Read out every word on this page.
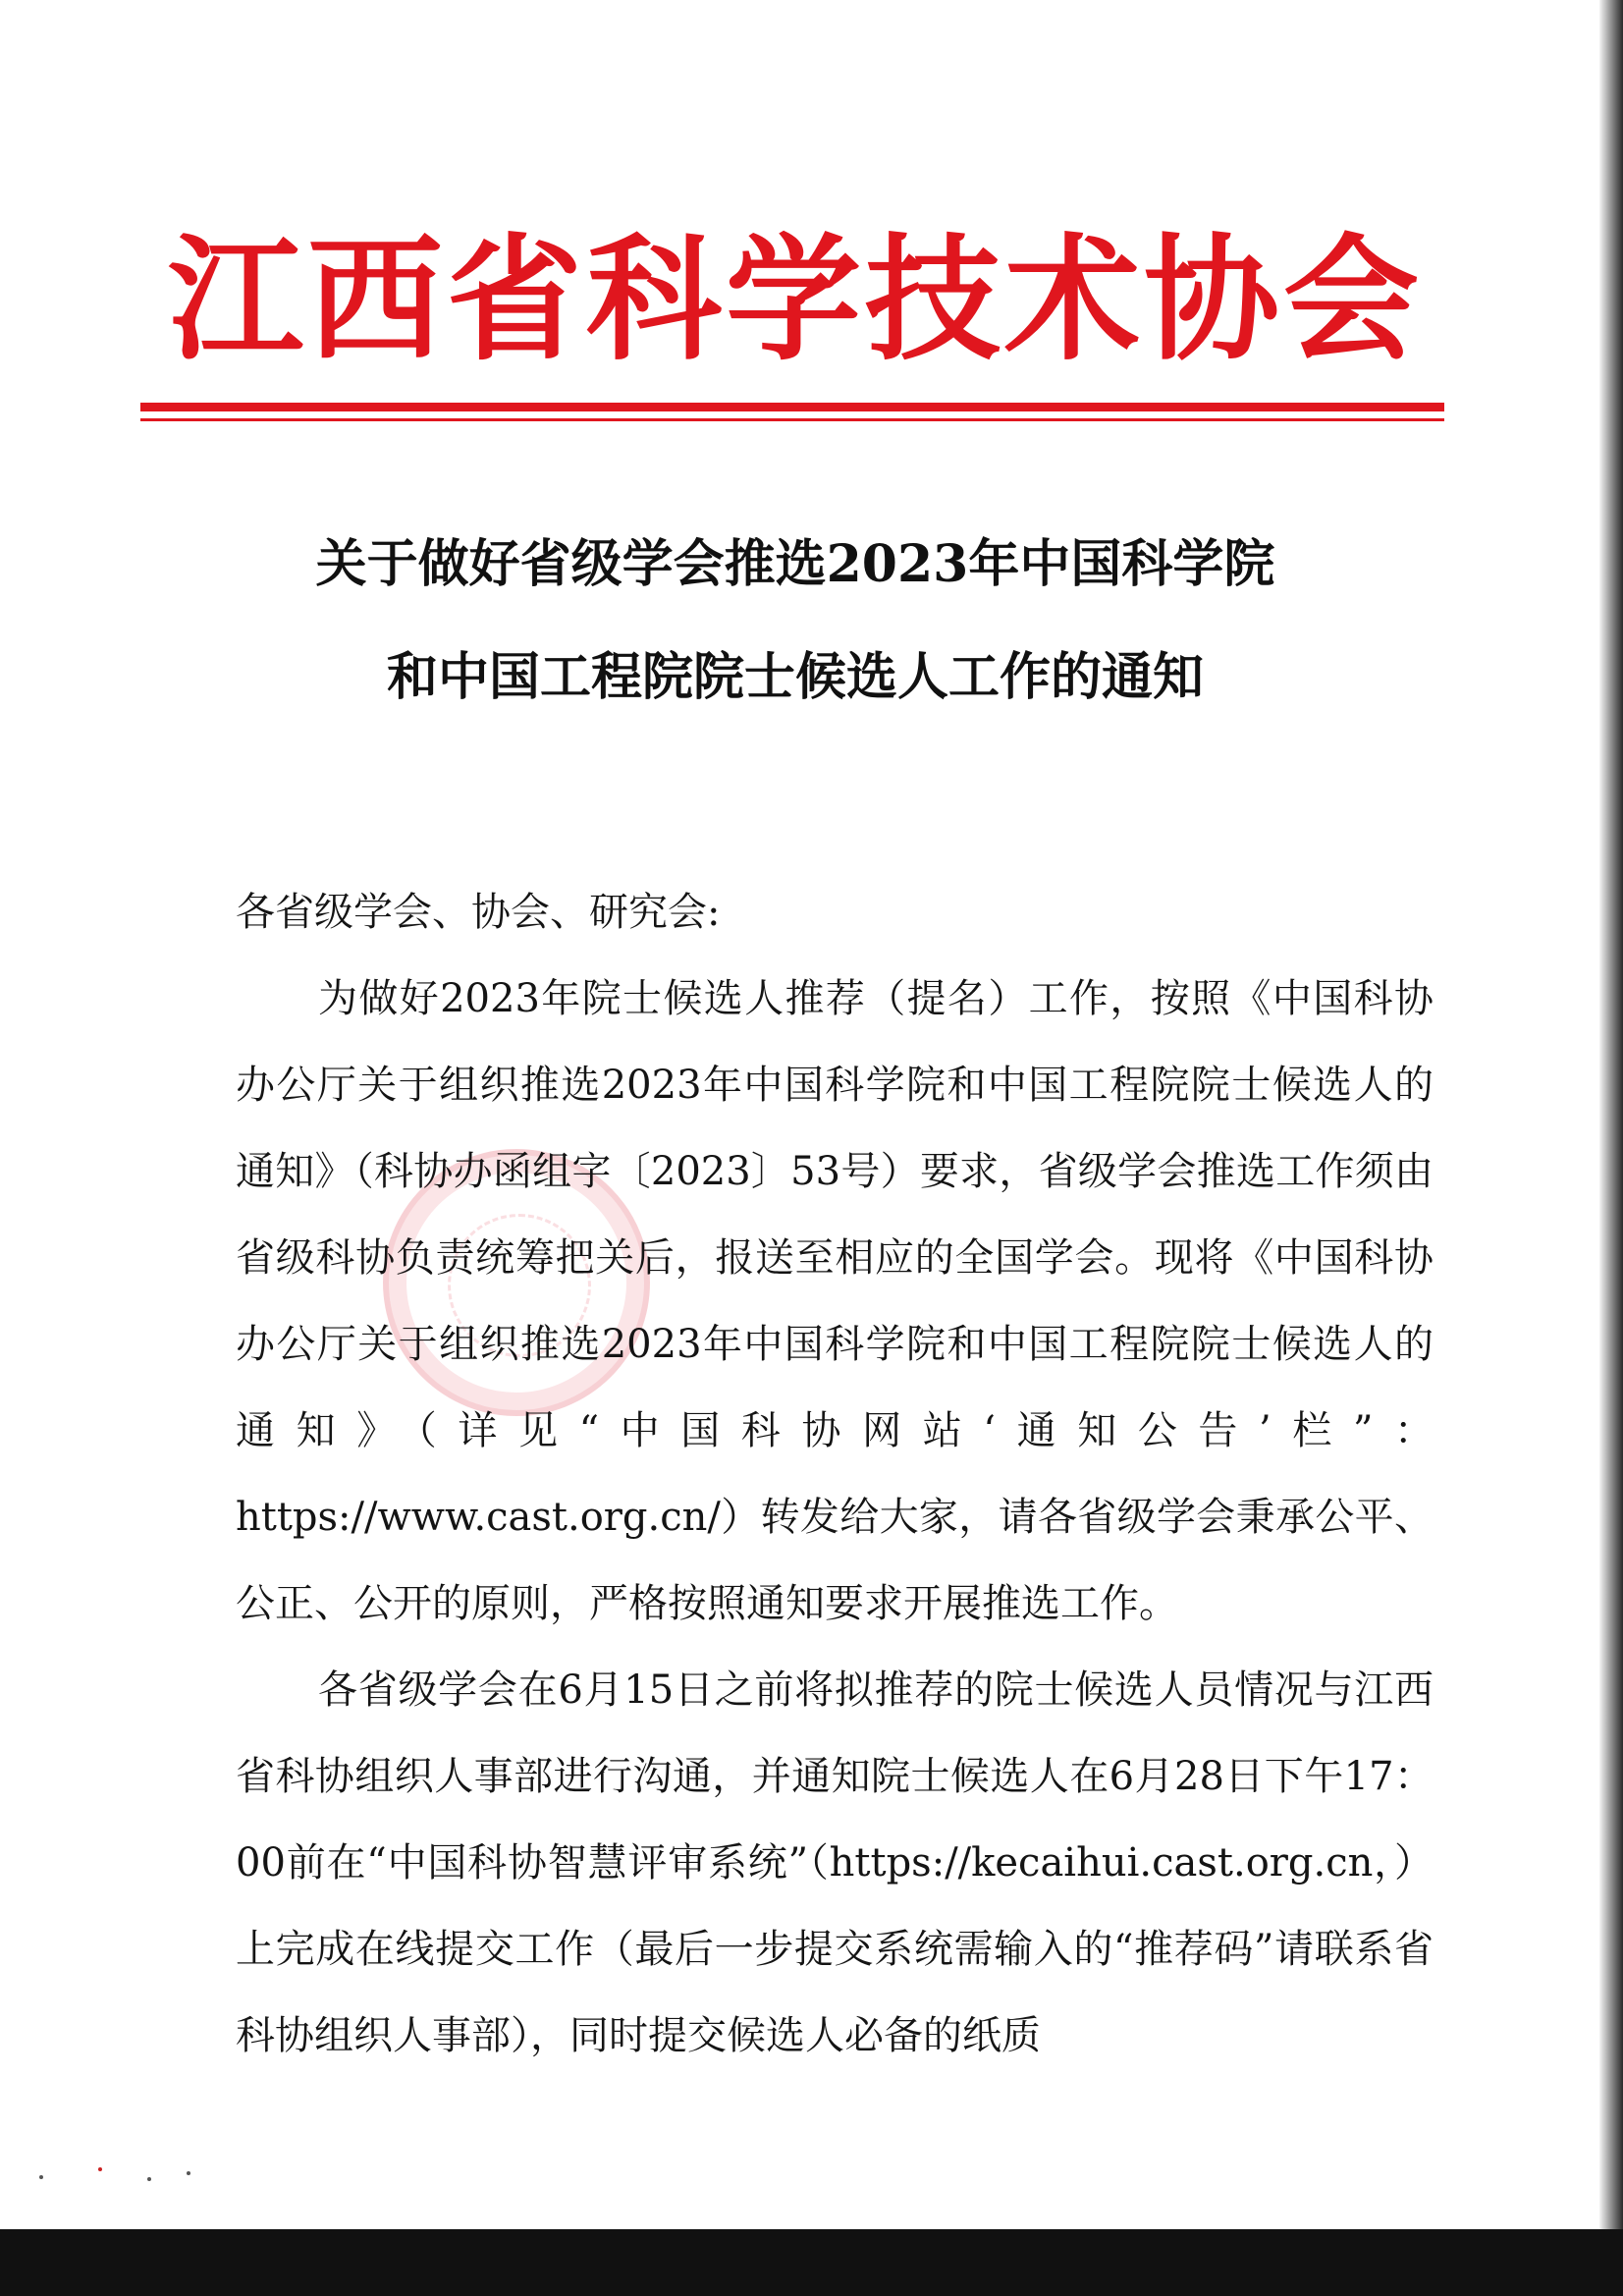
江西省科学技术协会
关于做好省级学会推选2023年中国科学院
和中国工程院院士候选人工作的通知

各省级学会、协会、研究会:

为做好2023年院士候选人推荐（提名）工作，按照《中国科协办公厅关于组织推选2023年中国科学院和中国工程院院士候选人的通知》（科协办函组字〔2023〕53号）要求，省级学会推选工作须由省级科协负责统筹把关后，报送至相应的全国学会。现将《中国科协办公厅关于组织推选2023年中国科学院和中国工程院院士候选人的通知》（详见“中国科协网站‘通知公告’栏”：https://www.cast.org.cn/）转发给大家，请各省级学会秉承公平、公正、公开的原则，严格按照通知要求开展推选工作。

各省级学会在6月15日之前将拟推荐的院士候选人员情况与江西省科协组织人事部进行沟通，并通知院士候选人在6月28日下午17：00前在“中国科协智慧评审系统”（https://kecaihui.cast.org.cn，）上完成在线提交工作（最后一步提交系统需输入的“推荐码”请联系省科协组织人事部），同时提交候选人必备的纸质
